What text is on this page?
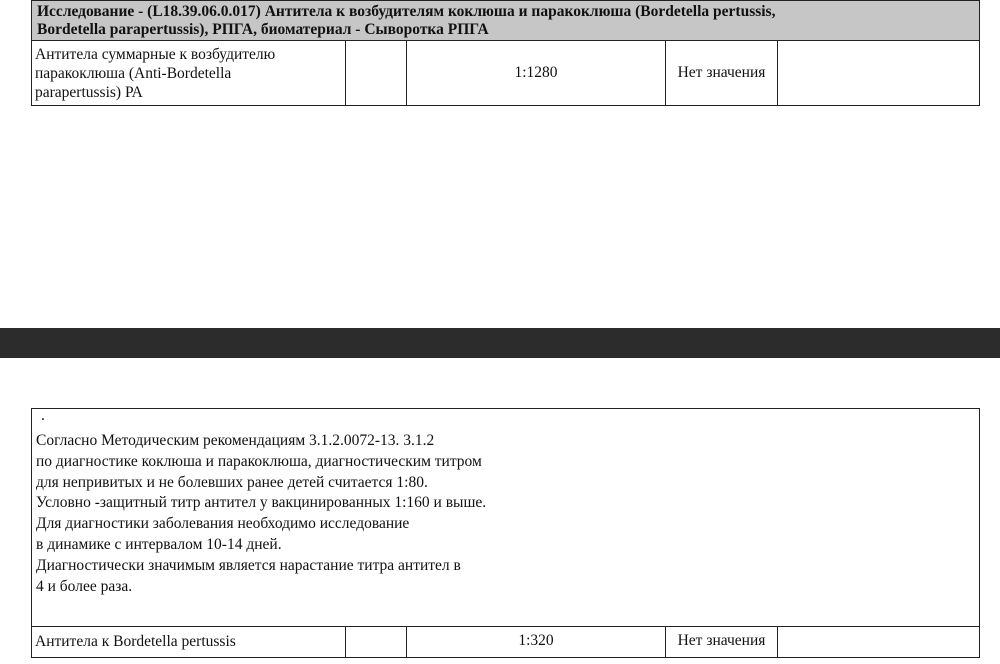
Исследование - (L18.39.06.0.017) Антитела к возбудителям коклюша и паракоклюша (Bordetella pertussis,
Bordetella parapertussis), РПГА, биоматериал - Сыворотка РПГА
Антитела суммарные к возбудителю
паракоклюша (Anti-Bordetella
parapertussis) РА
1:1280	Нет значения
.
Согласно Методическим рекомендациям 3.1.2.0072-13. 3.1.2
по диагностике коклюша и паракоклюша, диагностическим титром
для непривитых и не болевших ранее детей считается 1:80.
Условно -защитный титр антител у вакцинированных 1:160 и выше.
Для диагностики заболевания необходимо исследование
в динамике с интервалом 10-14 дней.
Диагностически значимым является нарастание титра антител в
4 и более раза.
Антитела к Bordetella pertussis	1:320	Нет значения
